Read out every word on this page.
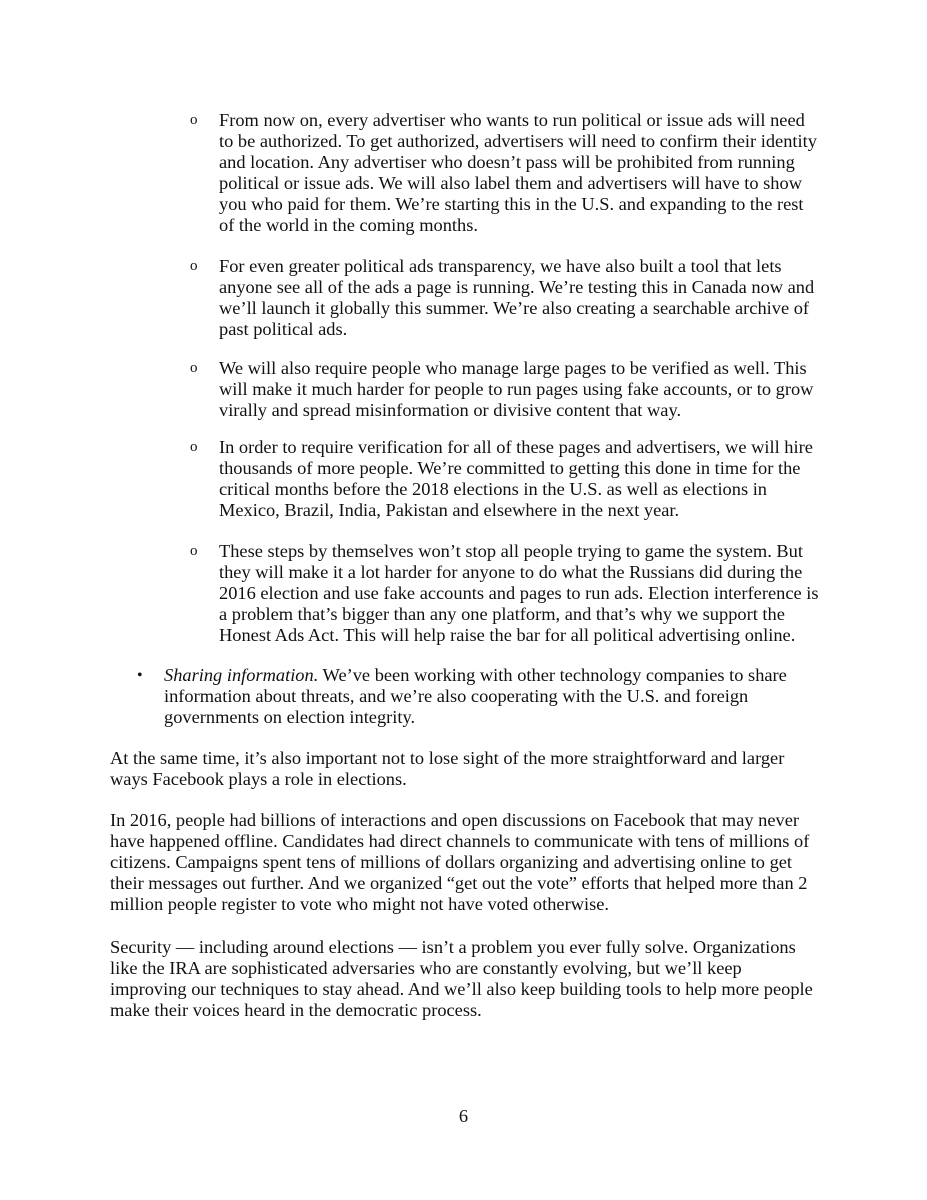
o From now on, every advertiser who wants to run political or issue ads will need to be authorized. To get authorized, advertisers will need to confirm their identity and location. Any advertiser who doesn’t pass will be prohibited from running political or issue ads. We will also label them and advertisers will have to show you who paid for them. We’re starting this in the U.S. and expanding to the rest of the world in the coming months.

o For even greater political ads transparency, we have also built a tool that lets anyone see all of the ads a page is running. We’re testing this in Canada now and we’ll launch it globally this summer. We’re also creating a searchable archive of past political ads.

o We will also require people who manage large pages to be verified as well. This will make it much harder for people to run pages using fake accounts, or to grow virally and spread misinformation or divisive content that way.

o In order to require verification for all of these pages and advertisers, we will hire thousands of more people. We’re committed to getting this done in time for the critical months before the 2018 elections in the U.S. as well as elections in Mexico, Brazil, India, Pakistan and elsewhere in the next year.

o These steps by themselves won’t stop all people trying to game the system. But they will make it a lot harder for anyone to do what the Russians did during the 2016 election and use fake accounts and pages to run ads. Election interference is a problem that’s bigger than any one platform, and that’s why we support the Honest Ads Act. This will help raise the bar for all political advertising online.

• Sharing information. We’ve been working with other technology companies to share information about threats, and we’re also cooperating with the U.S. and foreign governments on election integrity.

At the same time, it’s also important not to lose sight of the more straightforward and larger ways Facebook plays a role in elections.

In 2016, people had billions of interactions and open discussions on Facebook that may never have happened offline. Candidates had direct channels to communicate with tens of millions of citizens. Campaigns spent tens of millions of dollars organizing and advertising online to get their messages out further. And we organized “get out the vote” efforts that helped more than 2 million people register to vote who might not have voted otherwise.

Security — including around elections — isn’t a problem you ever fully solve. Organizations like the IRA are sophisticated adversaries who are constantly evolving, but we’ll keep improving our techniques to stay ahead. And we’ll also keep building tools to help more people make their voices heard in the democratic process.

6
